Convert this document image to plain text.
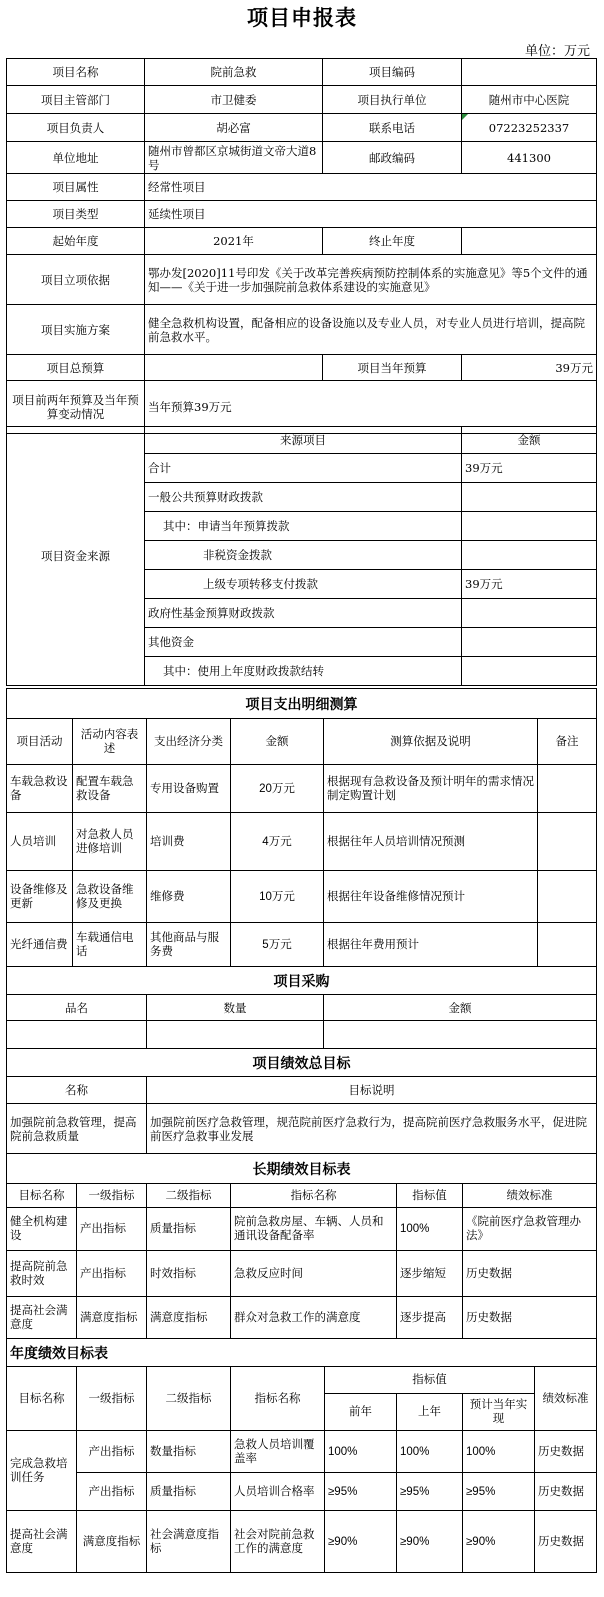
项目申报表
单位：万元
项目名称	院前急救	项目编码	
项目主管部门	市卫健委	项目执行单位	随州市中心医院
项目负责人	胡必富	联系电话	07223252337
单位地址	随州市曾都区京城街道文帝大道8号	邮政编码	441300
项目属性	经常性项目		
项目类型	延续性项目		
起始年度	2021年	终止年度	
项目立项依据	鄂办发[2020]11号印发《关于改革完善疾病预防控制体系的实施意见》等5个文件的通知——《关于进一步加强院前急救体系建设的实施意见》		
项目实施方案	健全急救机构设置，配备相应的设备设施以及专业人员，对专业人员进行培训，提高院前急救水平。		
项目总预算		项目当年预算	39万元
项目前两年预算及当年预算变动情况	当年预算39万元		
项目资金来源	来源项目	金额
	合计	39万元
	一般公共预算财政拨款	
	其中：申请当年预算拨款	
	非税资金拨款	
	上级专项转移支付拨款	39万元
	政府性基金预算财政拨款	
	其他资金	
	其中：使用上年度财政拨款结转	
项目支出明细测算					
项目活动	活动内容表述	支出经济分类	金额	测算依据及说明	备注
车载急救设备	配置车载急救设备	专用设备购置	20万元	根据现有急救设备及预计明年的需求情况制定购置计划	
人员培训	对急救人员进修培训	培训费	4万元	根据往年人员培训情况预测	
设备维修及更新	急救设备维修及更换	维修费	10万元	根据往年设备维修情况预计	
光纤通信费	车载通信电话	其他商品与服务费	5万元	根据往年费用预计	
项目采购		
品名	数量	金额

项目绩效总目标	
名称	目标说明
加强院前急救管理，提高院前急救质量	加强院前医疗急救管理，规范院前医疗急救行为，提高院前医疗急救服务水平，促进院前医疗急救事业发展
长期绩效目标表					
目标名称	一级指标	二级指标	指标名称	指标值	绩效标准
健全机构建设	产出指标	质量指标	院前急救房屋、车辆、人员和通讯设备配备率	100%	《院前医疗急救管理办法》
提高院前急救时效	产出指标	时效指标	急救反应时间	逐步缩短	历史数据
提高社会满意度	满意度指标	满意度指标	群众对急救工作的满意度	逐步提高	历史数据
年度绩效目标表							
目标名称	一级指标	二级指标	指标名称	指标值			绩效标准
				前年	上年	预计当年实现	
完成急救培训任务	产出指标	数量指标	急救人员培训覆盖率	100%	100%	100%	历史数据
	产出指标	质量指标	人员培训合格率	≥95%	≥95%	≥95%	历史数据
提高社会满意度	满意度指标	社会满意度指标	社会对院前急救工作的满意度	≥90%	≥90%	≥90%	历史数据
